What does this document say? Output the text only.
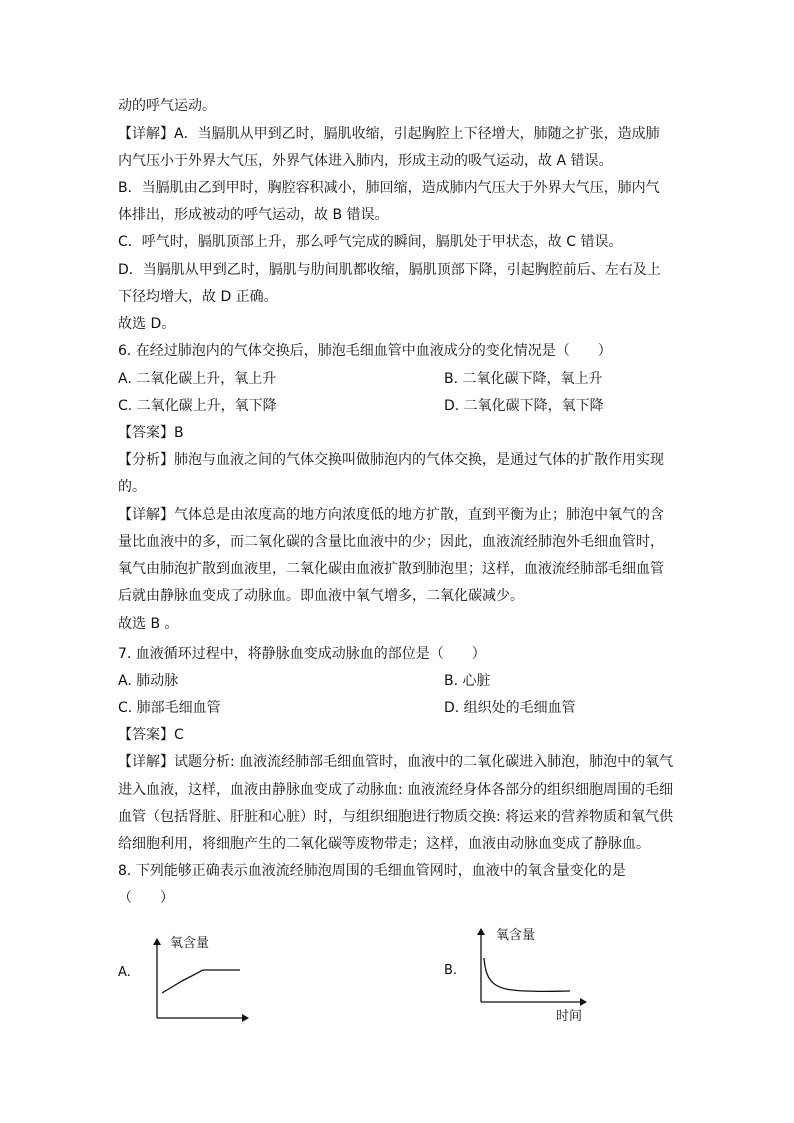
动的呼气运动。
【详解】A．当膈肌从甲到乙时，膈肌收缩，引起胸腔上下径增大，肺随之扩张，造成肺
内气压小于外界大气压，外界气体进入肺内，形成主动的吸气运动，故 A 错误。
B．当膈肌由乙到甲时，胸腔容积减小，肺回缩，造成肺内气压大于外界大气压，肺内气
体排出，形成被动的呼气运动，故 B 错误。
C．呼气时，膈肌顶部上升，那么呼气完成的瞬间，膈肌处于甲状态，故 C 错误。
D．当膈肌从甲到乙时，膈肌与肋间肌都收缩，膈肌顶部下降，引起胸腔前后、左右及上
下径均增大，故 D 正确。
故选 D。
6. 在经过肺泡内的气体交换后，肺泡毛细血管中血液成分的变化情况是（　　）
A. 二氧化碳上升，氧上升	B. 二氧化碳下降，氧上升
C. 二氧化碳上升，氧下降	D. 二氧化碳下降，氧下降
【答案】B
【分析】肺泡与血液之间的气体交换叫做肺泡内的气体交换，是通过气体的扩散作用实现
的。
【详解】气体总是由浓度高的地方向浓度低的地方扩散，直到平衡为止；肺泡中氧气的含
量比血液中的多，而二氧化碳的含量比血液中的少；因此，血液流经肺泡外毛细血管时，
氧气由肺泡扩散到血液里，二氧化碳由血液扩散到肺泡里；这样，血液流经肺部毛细血管
后就由静脉血变成了动脉血。即血液中氧气增多，二氧化碳减少。
故选 B 。
7. 血液循环过程中，将静脉血变成动脉血的部位是（　　）
A. 肺动脉	B. 心脏
C. 肺部毛细血管	D. 组织处的毛细血管
【答案】C
【详解】试题分析: 血液流经肺部毛细血管时，血液中的二氧化碳进入肺泡，肺泡中的氧气
进入血液，这样，血液由静脉血变成了动脉血: 血液流经身体各部分的组织细胞周围的毛细
血管（包括肾脏、肝脏和心脏）时，与组织细胞进行物质交换: 将运来的营养物质和氧气供
给细胞利用，将细胞产生的二氧化碳等废物带走；这样，血液由动脉血变成了静脉血。
8. 下列能够正确表示血液流经肺泡周围的毛细血管网时，血液中的氧含量变化的是
（　　）
A.
氧含量
B.
氧含量
时间
